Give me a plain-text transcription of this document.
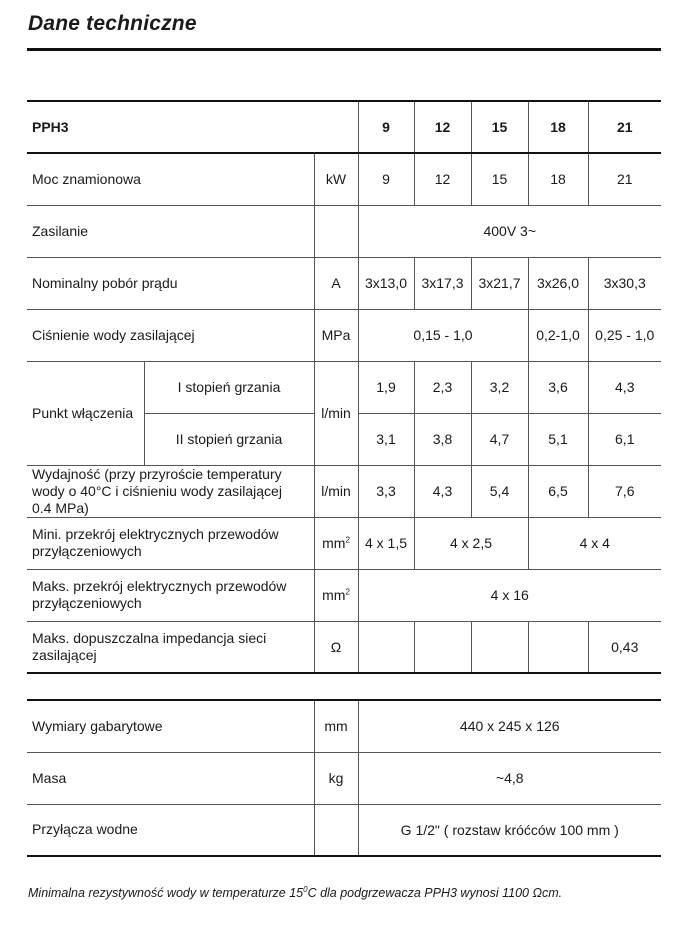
Dane techniczne
PPH3			9	12	15	18	21
Moc znamionowa		kW	9	12	15	18	21
Zasilanie			400V 3~				
Nominalny pobór prądu		A	3x13,0	3x17,3	3x21,7	3x26,0	3x30,3
Ciśnienie wody zasilającej		MPa	0,15 - 1,0			0,2-1,0	0,25 - 1,0
Punkt włączenia	I stopień grzania	l/min	1,9	2,3	3,2	3,6	4,3
	II stopień grzania		3,1	3,8	4,7	5,1	6,1
Wydajność (przy przyroście temperatury
wody o 40°C i ciśnieniu wody zasilającej
0.4 MPa)		l/min	3,3	4,3	5,4	6,5	7,6
Mini. przekrój elektrycznych przewodów
przyłączeniowych		$mm^2$	4 x 1,5	4 x 2,5		4 x 4	
Maks. przekrój elektrycznych przewodów
przyłączeniowych		$mm^2$	4 x 16				
Maks. dopuszczalna impedancja sieci
zasilającej		Ω					0,43
Wymiary gabarytowe	mm	440 x 245 x 126
Masa	kg	~4,8
Przyłącza wodne		G 1/2" ( rozstaw króćców 100 mm )
Minimalna rezystywność wody w temperaturze $15^0C$ dla podgrzewacza PPH3 wynosi 1100 Ωcm.
